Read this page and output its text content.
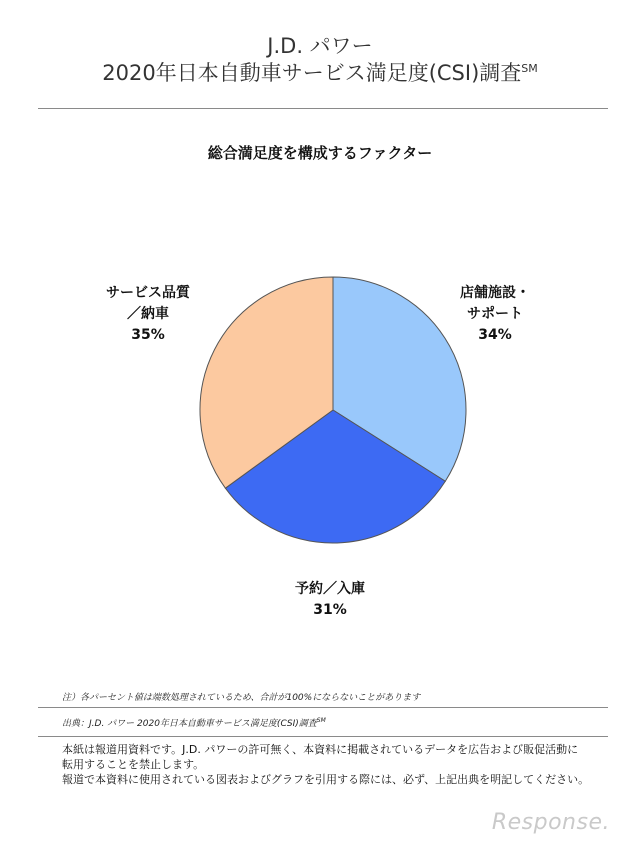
J.D. パワー
2020年日本自動車サービス満足度(CSI)調査℠
総合満足度を構成するファクター
店舗施設・
サポート
34%
予約／入庫
31%
サービス品質
／納車
35%
注）各パーセント値は端数処理されているため、合計が100%にならないことがあります
出典：J.D. パワー 2020年日本自動車サービス満足度(CSI)調査℠
本紙は報道用資料です。J.D. パワーの許可無く、本資料に掲載されているデータを広告および販促活動に
転用することを禁止します。
報道で本資料に使用されている図表およびグラフを引用する際には、必ず、上記出典を明記してください。
Response.
